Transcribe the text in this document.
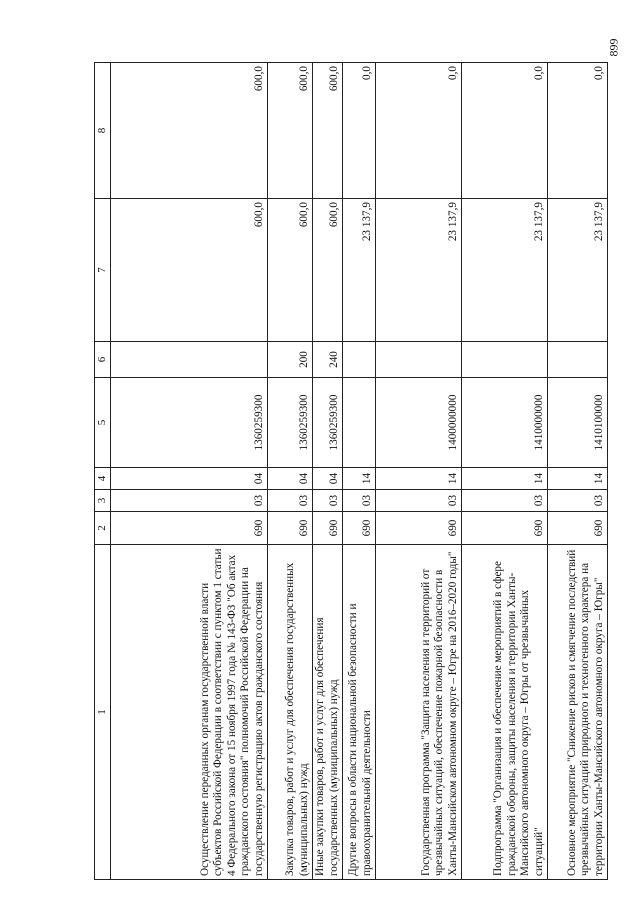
899
1	2	3	4	5	6	7	8
Осуществление переданных органам государственной власти субъектов Российской Федерации в соответствии с пунктом 1 статьи 4 Федерального закона от 15 ноября 1997 года № 143-ФЗ "Об актах гражданского состояния" полномочий Российской Федерации на государственную регистрацию актов гражданского состояния	690	03	04	1360259300		600,0	600,0
Закупка товаров, работ и услуг для обеспечения государственных (муниципальных) нужд	690	03	04	1360259300	200	600,0	600,0
Иные закупки товаров, работ и услуг для обеспечения государственных (муниципальных) нужд	690	03	04	1360259300	240	600,0	600,0
Другие вопросы в области национальной безопасности и правоохранительной деятельности	690	03	14			23 137,9	0,0
Государственная программа "Защита населения и территорий от чрезвычайных ситуаций, обеспечение пожарной безопасности в Ханты-Мансийском автономном округе – Югре на 2016–2020 годы"	690	03	14	1400000000		23 137,9	0,0
Подпрограмма "Организация и обеспечение мероприятий в сфере гражданской обороны, защиты населения и территории Ханты-Мансийского автономного округа – Югры от чрезвычайных ситуаций"	690	03	14	1410000000		23 137,9	0,0
Основное мероприятие "Снижение рисков и смягчение последствий чрезвычайных ситуаций природного и техногенного характера на территории Ханты-Мансийского автономного округа – Югры"	690	03	14	1410100000		23 137,9	0,0
